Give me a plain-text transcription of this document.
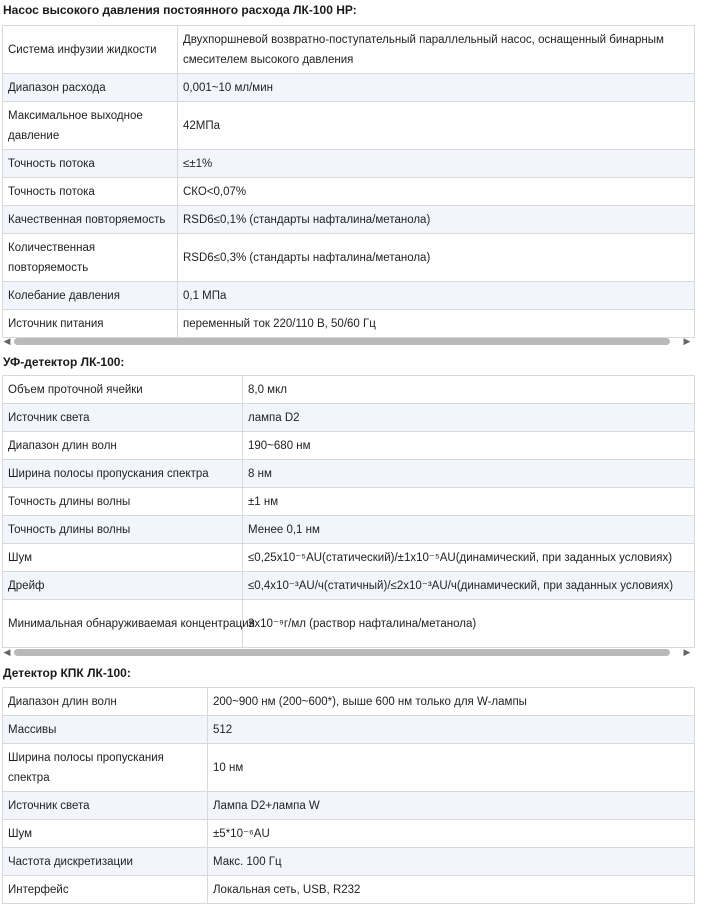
Насос высокого давления постоянного расхода ЛК-100 НР:
Система инфузии жидкости	Двухпоршневой возвратно-поступательный параллельный насос, оснащенный бинарным смесителем высокого давления
Диапазон расхода	0,001~10 мл/мин
Максимальное выходное давление	42МПа
Точность потока	≤±1%
Точность потока	СКО<0,07%
Качественная повторяемость	RSD6≤0,1% (стандарты нафталина/метанола)
Количественная повторяемость	RSD6≤0,3% (стандарты нафталина/метанола)
Колебание давления	0,1 МПа
Источник питания	переменный ток 220/110 В, 50/60 Гц
◀	▶
УФ-детектор ЛК-100:
Объем проточной ячейки	8,0 мкл
Источник света	лампа D2
Диапазон длин волн	190~680 нм
Ширина полосы пропускания спектра	8 нм
Точность длины волны	±1 нм
Точность длины волны	Менее 0,1 нм
Шум	≤0,25x10⁻⁵AU(статический)/±1x10⁻⁵AU(динамический, при заданных условиях)
Дрейф	≤0,4x10⁻³AU/ч(статичный)/≤2x10⁻³AU/ч(динамический, при заданных условиях)
Минимальная обнаруживаемая концентрация	3x10⁻⁹г/мл (раствор нафталина/метанола)
◀	▶
Детектор КПК ЛК-100:
Диапазон длин волн	200~900 нм (200~600*), выше 600 нм только для W-лампы
Массивы	512
Ширина полосы пропускания спектра	10 нм
Источник света	Лампа D2+лампа W
Шум	±5*10⁻⁶AU
Частота дискретизации	Макс. 100 Гц
Интерфейс	Локальная сеть, USB, R232
